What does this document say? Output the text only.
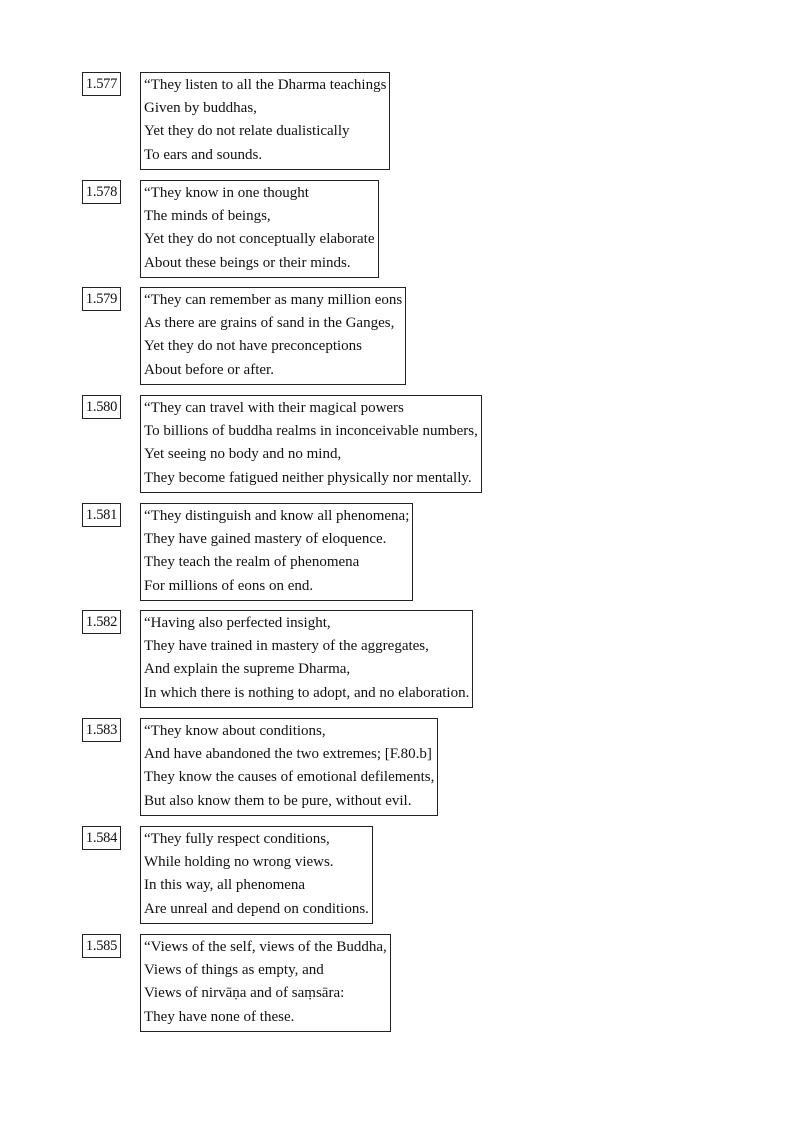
1.577 “They listen to all the Dharma teachings
Given by buddhas,
Yet they do not relate dualistically
To ears and sounds.
1.578 “They know in one thought
The minds of beings,
Yet they do not conceptually elaborate
About these beings or their minds.
1.579 “They can remember as many million eons
As there are grains of sand in the Ganges,
Yet they do not have preconceptions
About before or after.
1.580 “They can travel with their magical powers
To billions of buddha realms in inconceivable numbers,
Yet seeing no body and no mind,
They become fatigued neither physically nor mentally.
1.581 “They distinguish and know all phenomena;
They have gained mastery of eloquence.
They teach the realm of phenomena
For millions of eons on end.
1.582 “Having also perfected insight,
They have trained in mastery of the aggregates,
And explain the supreme Dharma,
In which there is nothing to adopt, and no elaboration.
1.583 “They know about conditions,
And have abandoned the two extremes; [F.80.b]
They know the causes of emotional defilements,
But also know them to be pure, without evil.
1.584 “They fully respect conditions,
While holding no wrong views.
In this way, all phenomena
Are unreal and depend on conditions.
1.585 “Views of the self, views of the Buddha,
Views of things as empty, and
Views of nirvāṇa and of saṃsāra:
They have none of these.
